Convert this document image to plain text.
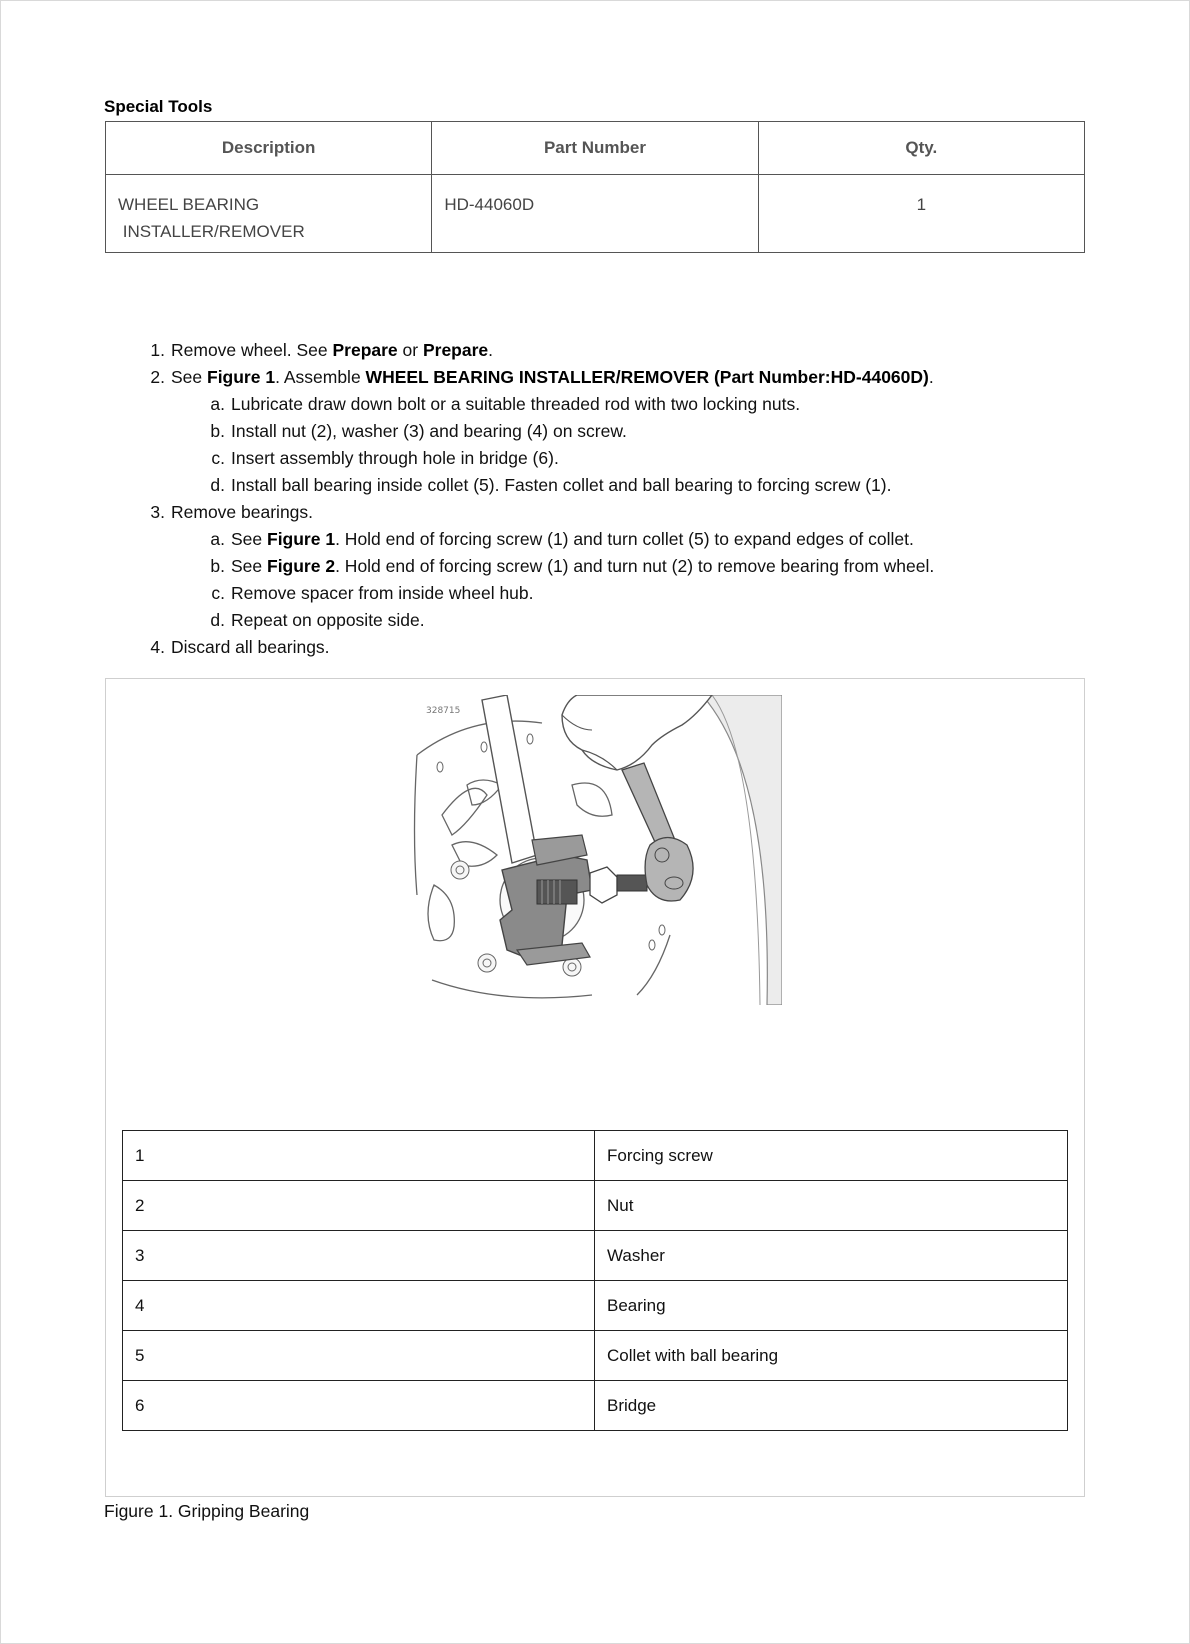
Special Tools
Description	Part Number	Qty.

WHEEL BEARING
INSTALLER/REMOVER	HD-44060D	1
1. Remove wheel. See Prepare or Prepare.
2. See Figure 1. Assemble WHEEL BEARING INSTALLER/REMOVER (Part Number:HD-44060D).
a. Lubricate draw down bolt or a suitable threaded rod with two locking nuts.
b. Install nut (2), washer (3) and bearing (4) on screw.
c. Insert assembly through hole in bridge (6).
d. Install ball bearing inside collet (5). Fasten collet and ball bearing to forcing screw (1).
3. Remove bearings.
a. See Figure 1. Hold end of forcing screw (1) and turn collet (5) to expand edges of collet.
b. See Figure 2. Hold end of forcing screw (1) and turn nut (2) to remove bearing from wheel.
c. Remove spacer from inside wheel hub.
d. Repeat on opposite side.
4. Discard all bearings.
328715
1	Forcing screw
2	Nut
3	Washer
4	Bearing
5	Collet with ball bearing
6	Bridge
Figure 1. Gripping Bearing
